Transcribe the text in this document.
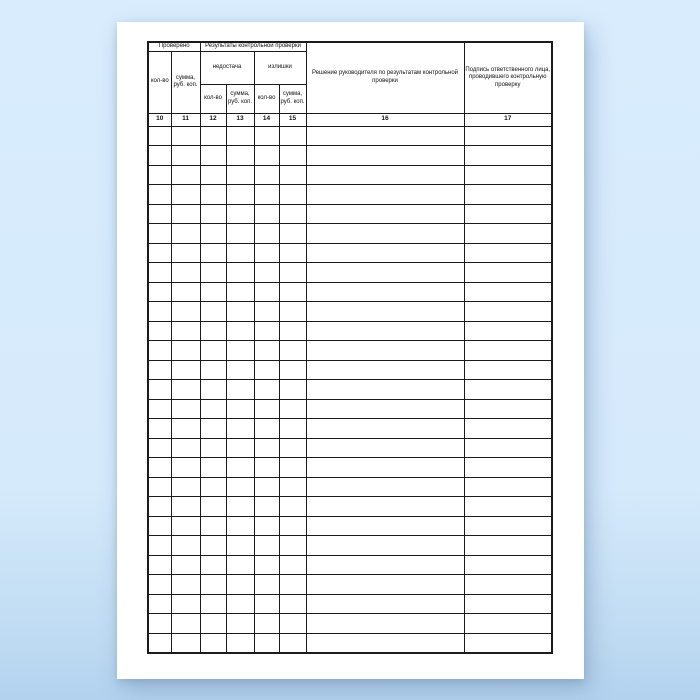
Проверено		Результаты контрольной проверки				Решение руководителя по результатам контрольной проверки	Подпись ответственного лица, проводившего контрольную проверку
кол-во	сумма, руб. коп.	недостача		излишки			
		кол-во	сумма, руб. коп.	кол-во	сумма, руб. коп.		
10	11	12	13	14	15	16	17
